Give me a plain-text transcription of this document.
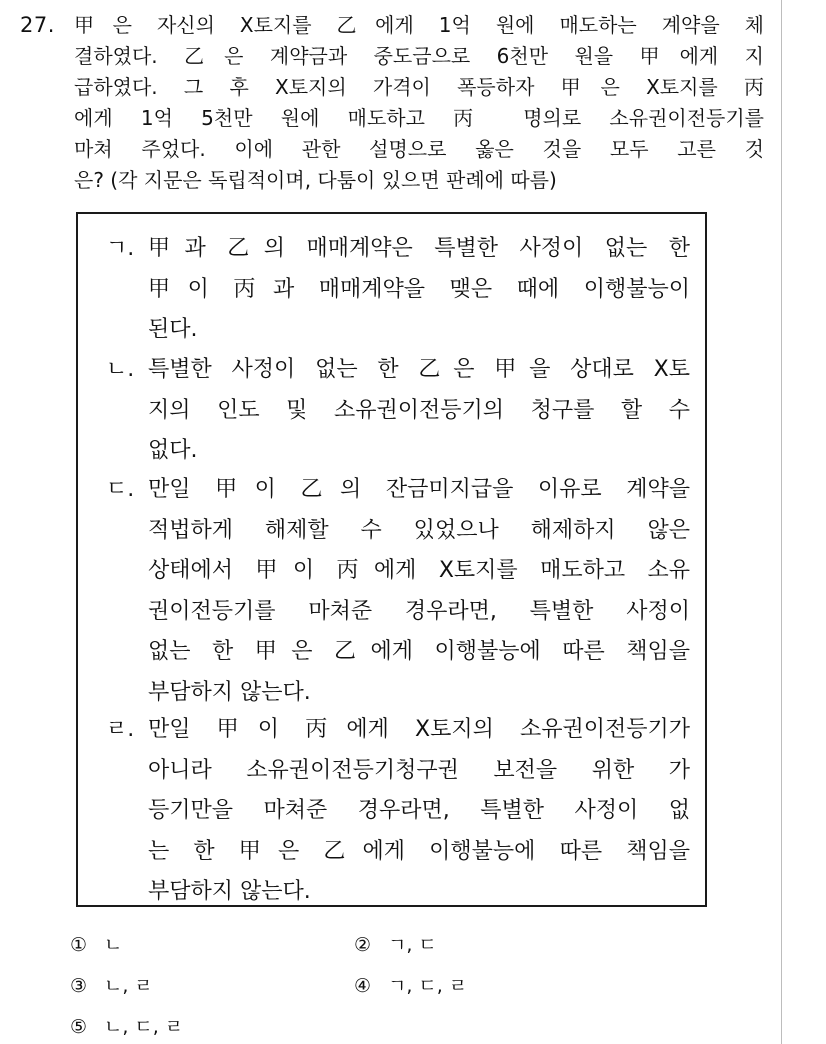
27. 甲은 자신의 X토지를 乙에게 1억 원에 매도하는 계약을 체
결하였다. 乙은 계약금과 중도금으로 6천만 원을 甲에게 지
급하였다. 그 후 X토지의 가격이 폭등하자 甲은 X토지를 丙
에게 1억 5천만 원에 매도하고 丙 명의로 소유권이전등기를
마쳐 주었다. 이에 관한 설명으로 옳은 것을 모두 고른 것
은? (각 지문은 독립적이며, 다툼이 있으면 판례에 따름)
ㄱ. 甲과 乙의 매매계약은 특별한 사정이 없는 한
甲이 丙과 매매계약을 맺은 때에 이행불능이
된다.
ㄴ. 특별한 사정이 없는 한 乙은 甲을 상대로 X토
지의 인도 및 소유권이전등기의 청구를 할 수
없다.
ㄷ. 만일 甲이 乙의 잔금미지급을 이유로 계약을
적법하게 해제할 수 있었으나 해제하지 않은
상태에서 甲이 丙에게 X토지를 매도하고 소유
권이전등기를 마쳐준 경우라면, 특별한 사정이
없는 한 甲은 乙에게 이행불능에 따른 책임을
부담하지 않는다.
ㄹ. 만일 甲이 丙에게 X토지의 소유권이전등기가
아니라 소유권이전등기청구권 보전을 위한 가
등기만을 마쳐준 경우라면, 특별한 사정이 없
는 한 甲은 乙에게 이행불능에 따른 책임을
부담하지 않는다.
① ㄴ	② ㄱ, ㄷ
③ ㄴ, ㄹ	④ ㄱ, ㄷ, ㄹ
⑤ ㄴ, ㄷ, ㄹ
